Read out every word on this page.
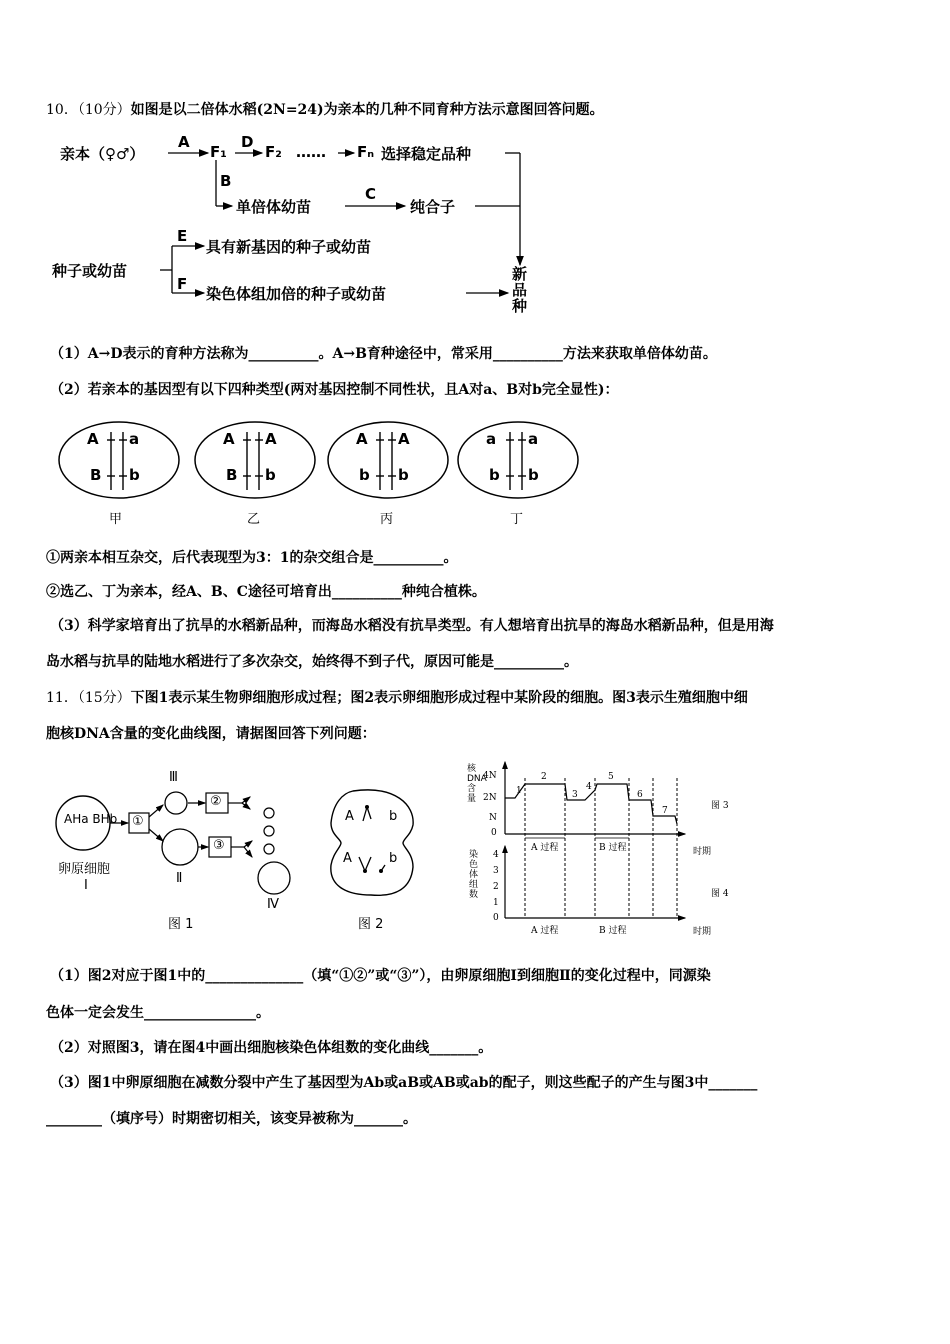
10．（10分）如图是以二倍体水稻(2N=24)为亲本的几种不同育种方法示意图回答问题。
亲本（♀♂）
A
F₁
D
F₂ …… Fₙ 选择稳定品种
B
单倍体幼苗
C
纯合子
种子或幼苗
E
具有新基因的种子或幼苗
F
染色体组加倍的种子或幼苗
新
品
种
（1）A→D表示的育种方法称为__________。A→B育种途径中，常采用__________方法来获取单倍体幼苗。
（2）若亲本的基因型有以下四种类型(两对基因控制不同性状，且A对a、B对b完全显性)：
A a
B b
甲
A A
B b
乙
A A
b b
丙
a a
b b
丁
①两亲本相互杂交，后代表现型为3：1的杂交组合是__________。
②选乙、丁为亲本，经A、B、C途径可培育出__________种纯合植株。
（3）科学家培育出了抗旱的水稻新品种，而海岛水稻没有抗旱类型。有人想培育出抗旱的海岛水稻新品种，但是用海
岛水稻与抗旱的陆地水稻进行了多次杂交，始终得不到子代，原因可能是__________。
11．（15分）下图1表示某生物卵细胞形成过程；图2表示卵细胞形成过程中某阶段的细胞。图3表示生殖细胞中细
胞核DNA含量的变化曲线图，请据图回答下列问题：
AHa BHb ①
②
③
Ⅲ
Ⅱ
Ⅳ
卵原细胞
Ⅰ
图 1
A	b
A	b
图 2
核DNA含量
4N
2N
N
0
1
2
3
4
5
6
7
A 过程	B 过程	时期
图 3
染色体组数
4
3
2
1
0
A 过程	B 过程	时期
图 4
（1）图2对应于图1中的______________（填“①②”或“③”），由卵原细胞Ⅰ到细胞Ⅱ的变化过程中，同源染
色体一定会发生________________。
（2）对照图3，请在图4中画出细胞核染色体组数的变化曲线_______。
（3）图1中卵原细胞在减数分裂中产生了基因型为Ab或aB或AB或ab的配子，则这些配子的产生与图3中_______
________（填序号）时期密切相关，该变异被称为_______。
